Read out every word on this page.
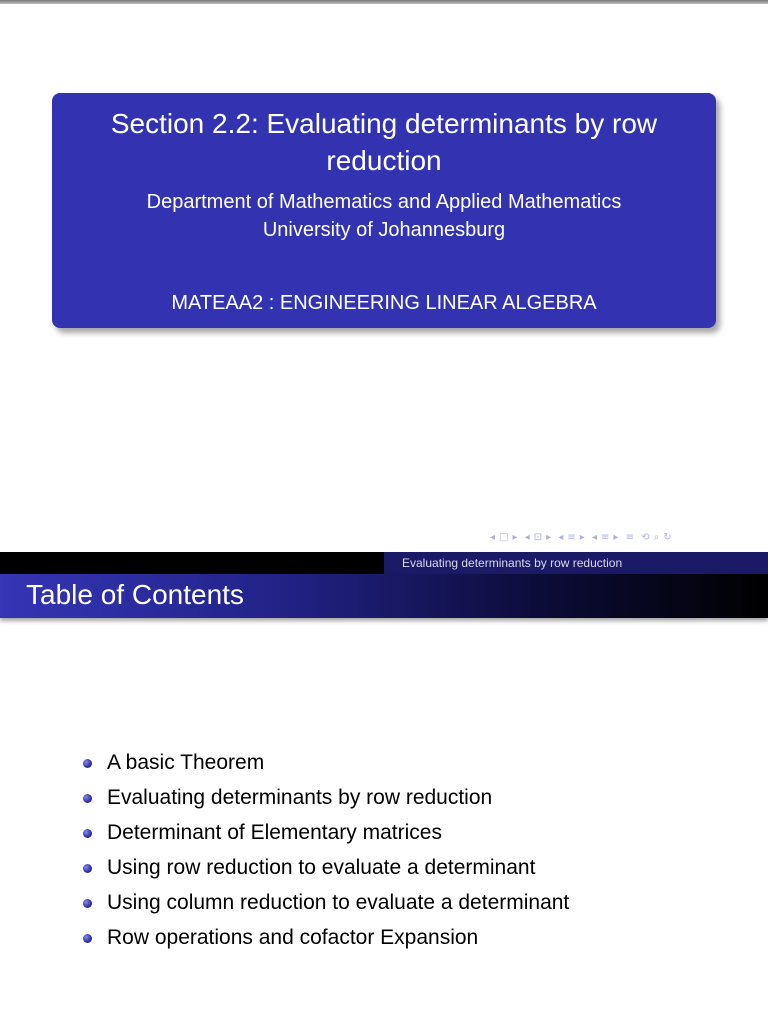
Section 2.2: Evaluating determinants by row reduction
Department of Mathematics and Applied Mathematics
University of Johannesburg
MATEAA2 : ENGINEERING LINEAR ALGEBRA
◂ □ ▸ ◂ ⊡ ▸ ◂ ≡ ▸ ◂ ≡ ▸ ≡ ⟲ ⌕ ↻
Evaluating determinants by row reduction
Table of Contents
A basic Theorem
Evaluating determinants by row reduction
Determinant of Elementary matrices
Using row reduction to evaluate a determinant
Using column reduction to evaluate a determinant
Row operations and cofactor Expansion
